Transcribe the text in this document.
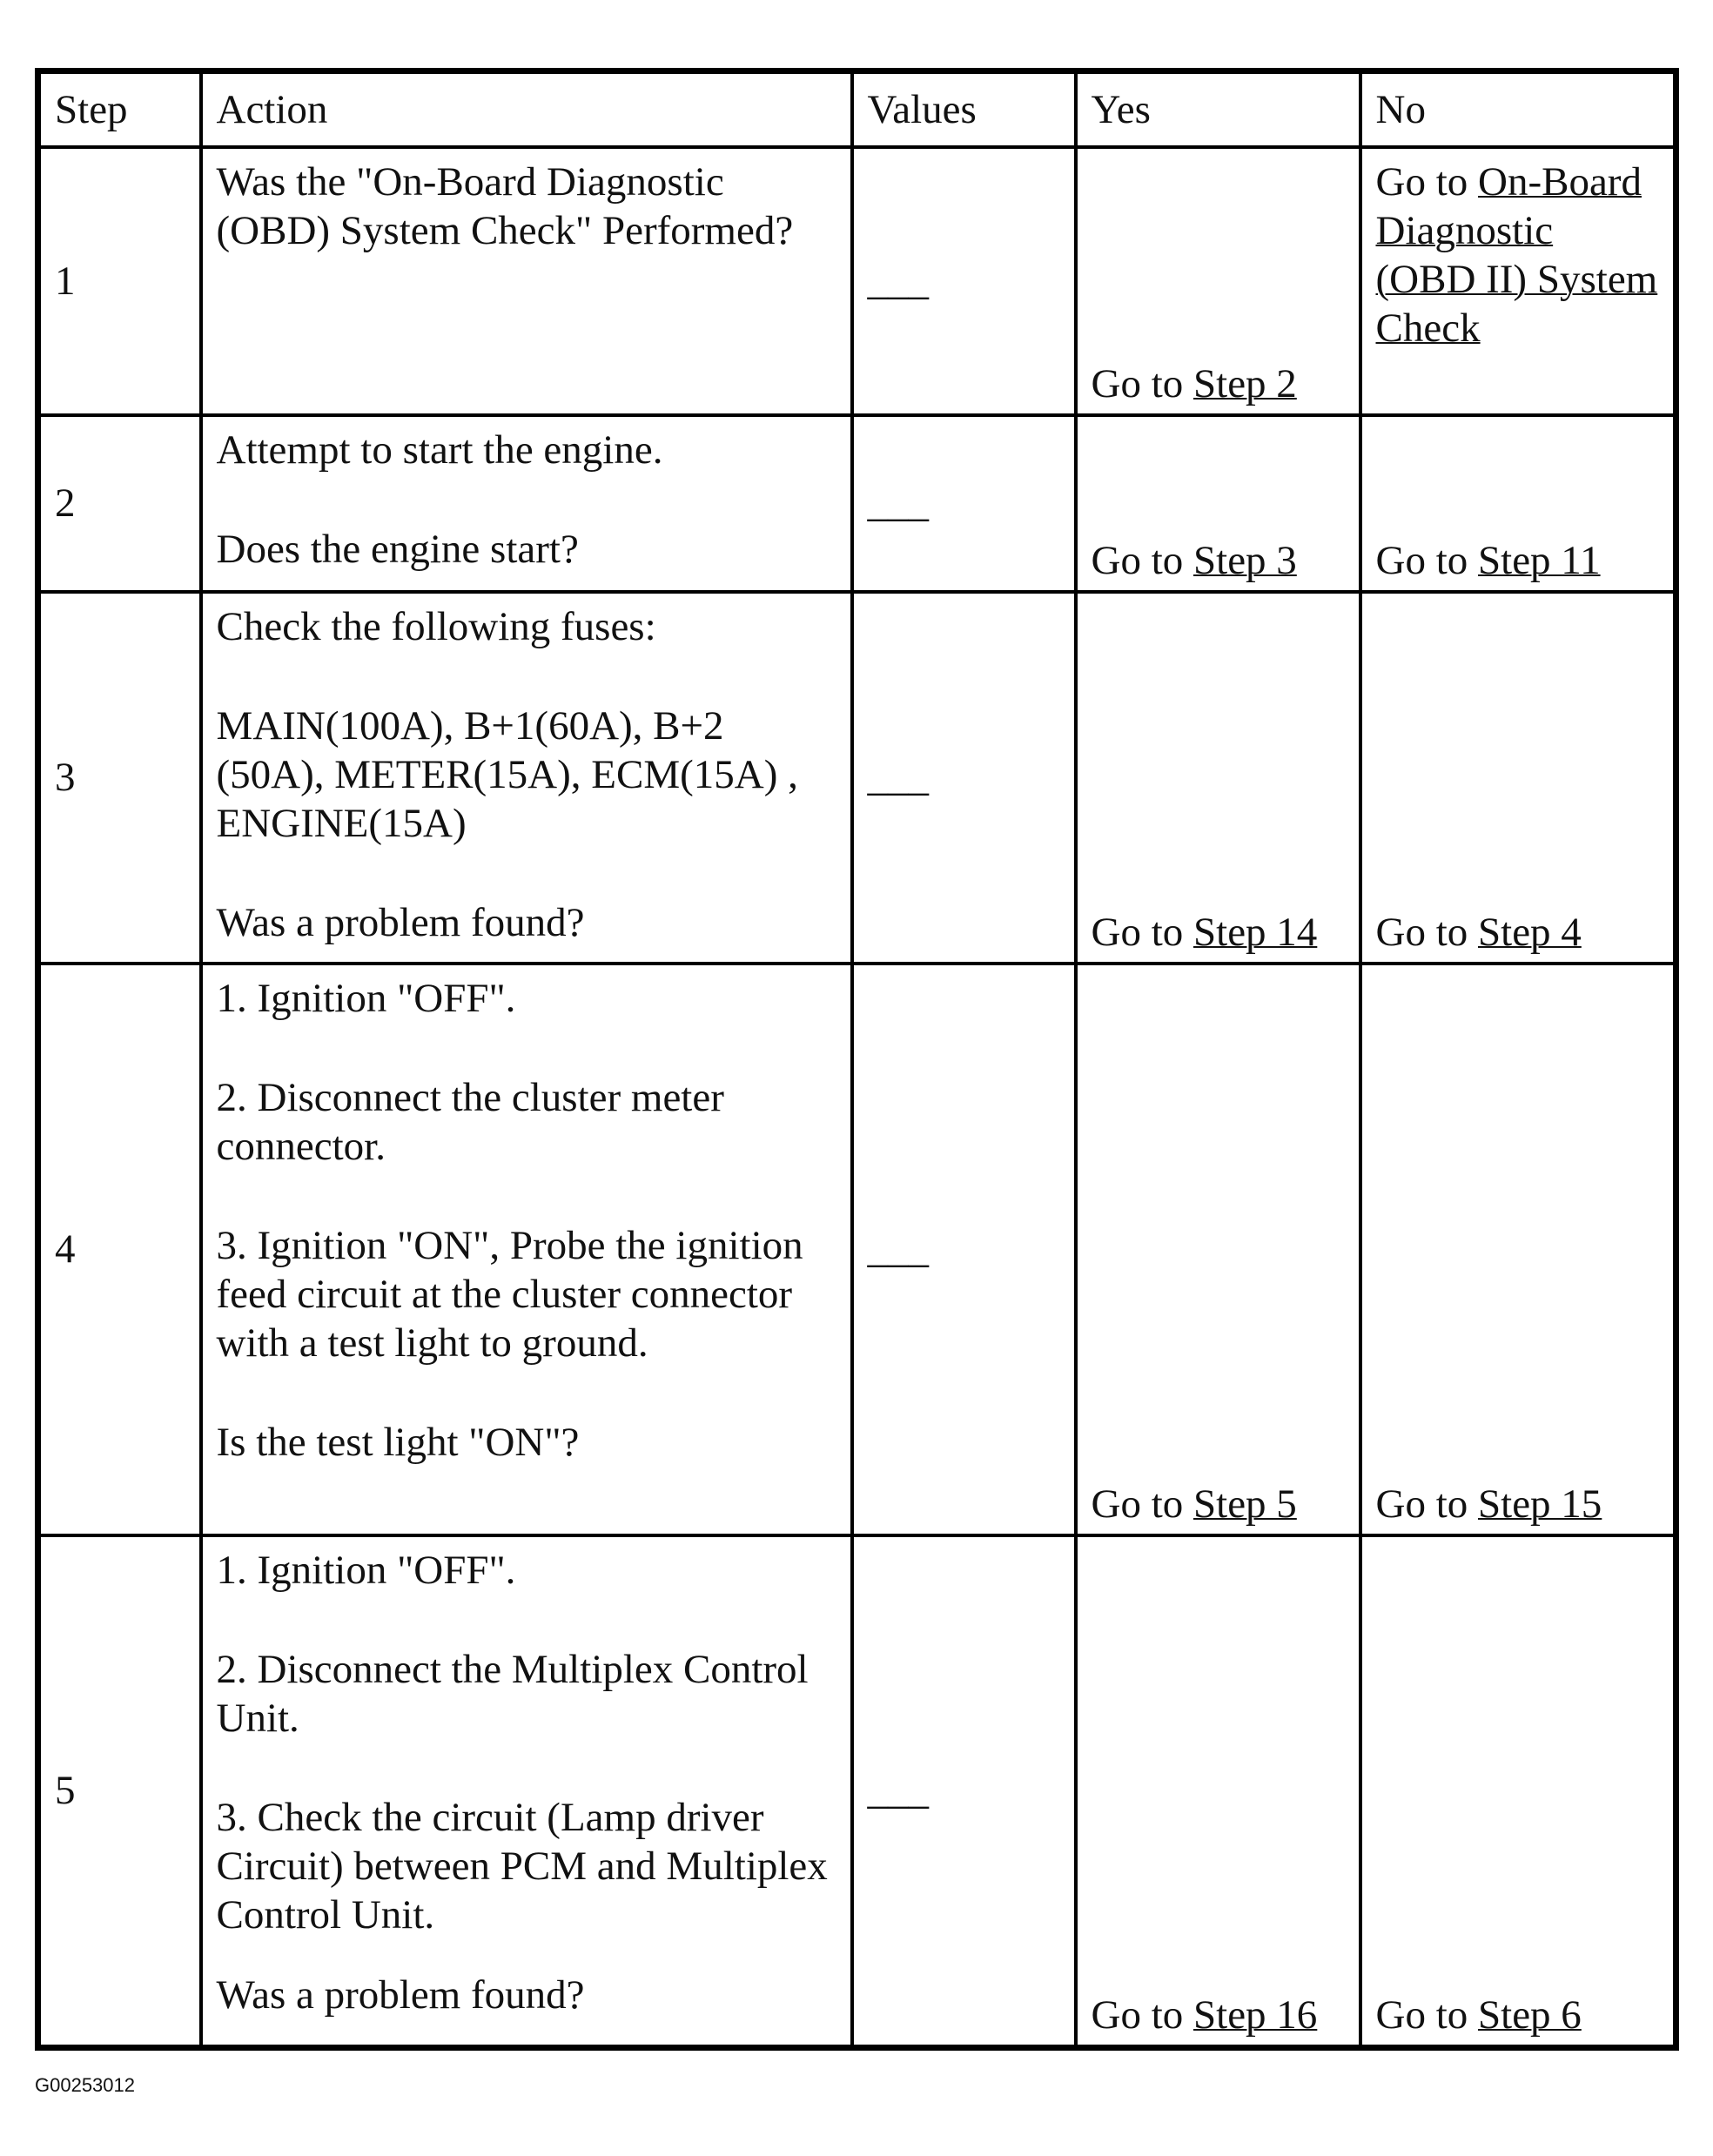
Step	Action	Values	Yes	No
1	Was the "On-Board Diagnostic (OBD) System Check" Performed?	___	Go to Step 2	Go to On-Board Diagnostic (OBD II) System Check
2	Attempt to start the engine.

Does the engine start?	___	Go to Step 3	Go to Step 11
3	Check the following fuses:

MAIN(100A), B+1(60A), B+2 (50A), METER(15A), ECM(15A) , ENGINE(15A)

Was a problem found?	___	Go to Step 14	Go to Step 4
4	1. Ignition "OFF".

2. Disconnect the cluster meter connector.

3. Ignition "ON", Probe the ignition feed circuit at the cluster connector with a test light to ground.

Is the test light "ON"?	___	Go to Step 5	Go to Step 15
5	1. Ignition "OFF".

2. Disconnect the Multiplex Control Unit.

3. Check the circuit (Lamp driver Circuit) between PCM and Multiplex Control Unit.

Was a problem found?	___	Go to Step 16	Go to Step 6
G00253012
